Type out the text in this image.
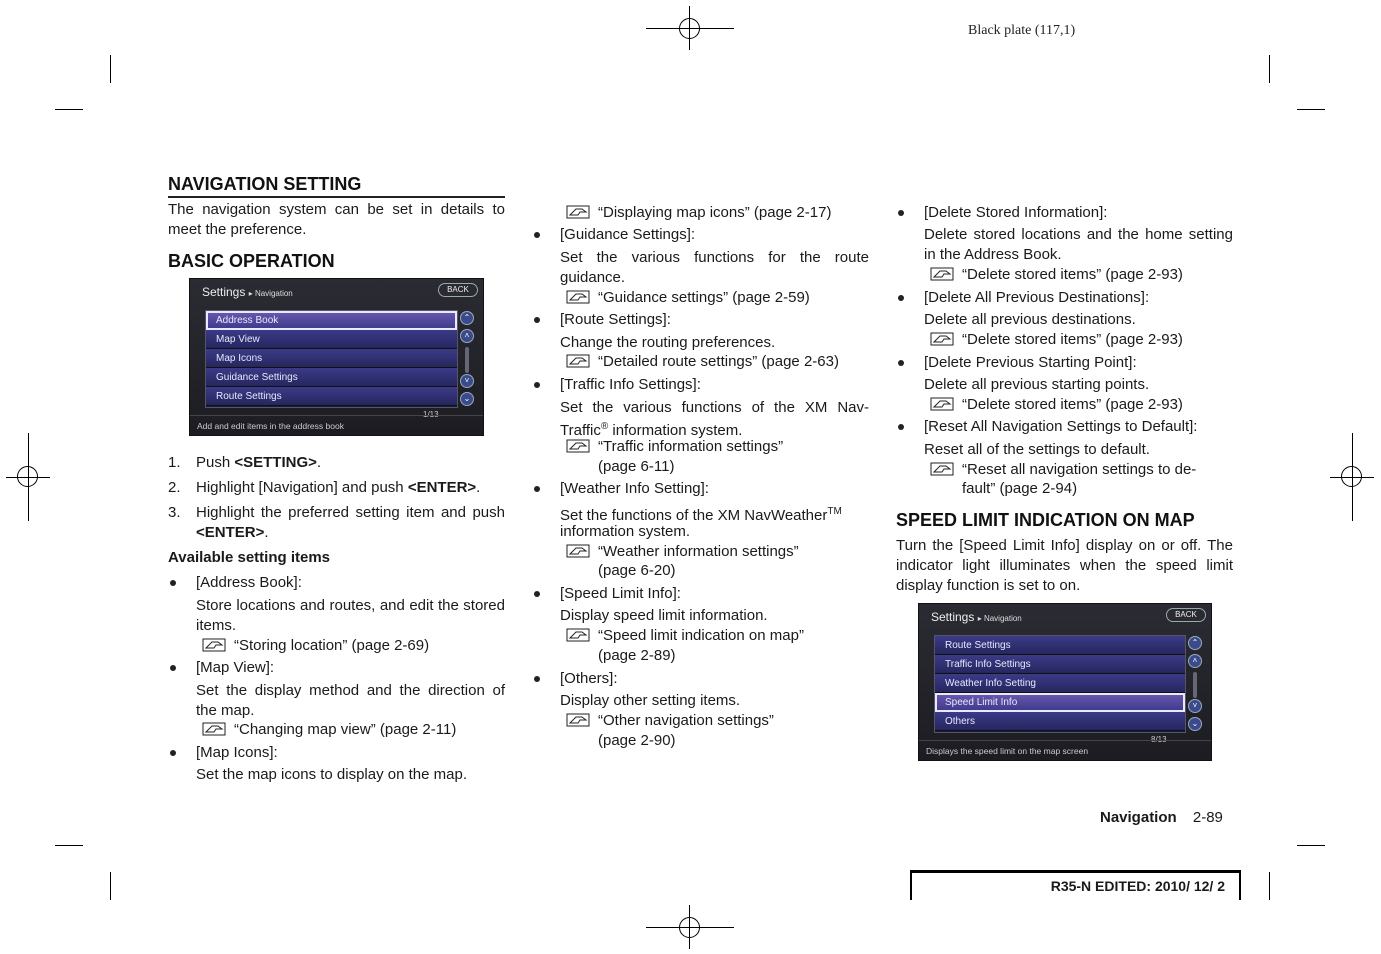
Black plate (117,1)
NAVIGATION SETTING

The navigation system can be set in details to meet the preference.

BASIC OPERATION
Settings ▸ Navigation	BACK
Address Book
Map View
Map Icons
Guidance Settings
Route Settings
⌃
˄
˅
⌄
1/13
Add and edit items in the address book
1. Push <SETTING>.
2. Highlight [Navigation] and push <ENTER>.
3. Highlight the preferred setting item and push <ENTER>.

Available setting items
[Address Book]:

Store locations and routes, and edit the stored items.

“Storing location” (page 2-69)
[Map View]:

Set the display method and the direction of the map.

“Changing map view” (page 2-11)
[Map Icons]:

Set the map icons to display on the map.

“Displaying map icons” (page 2-17)
[Guidance Settings]:

Set the various functions for the route guidance.

“Guidance settings” (page 2-59)
[Route Settings]:

Change the routing preferences.

“Detailed route settings” (page 2-63)
[Traffic Info Settings]:

Set the various functions of the XM Nav-

Traffic® information system.
“Traffic information settings”
(page 6-11)
[Weather Info Setting]:
Set the functions of the XM NavWeather™
information system.
“Weather information settings”
(page 6-20)
[Speed Limit Info]:
Display speed limit information.
“Speed limit indication on map”
(page 2-89)
[Others]:
Display other setting items.
“Other navigation settings”
(page 2-90)
[Delete Stored Information]:

Delete stored locations and the home setting in the Address Book.

“Delete stored items” (page 2-93)
[Delete All Previous Destinations]:
Delete all previous destinations.
“Delete stored items” (page 2-93)
[Delete Previous Starting Point]:
Delete all previous starting points.
“Delete stored items” (page 2-93)
[Reset All Navigation Settings to Default]:
Reset all of the settings to default.
“Reset all navigation settings to de-
fault” (page 2-94)
SPEED LIMIT INDICATION ON MAP

Turn the [Speed Limit Info] display on or off. The indicator light illuminates when the speed limit display function is set to on.

Settings ▸ Navigation	BACK
Route Settings
Traffic Info Settings
Weather Info Setting
Speed Limit Info
Others
⌃
˄
˅
⌄
8/13
Displays the speed limit on the map screen
Navigation 2-89
R35-N EDITED: 2010/ 12/ 2
